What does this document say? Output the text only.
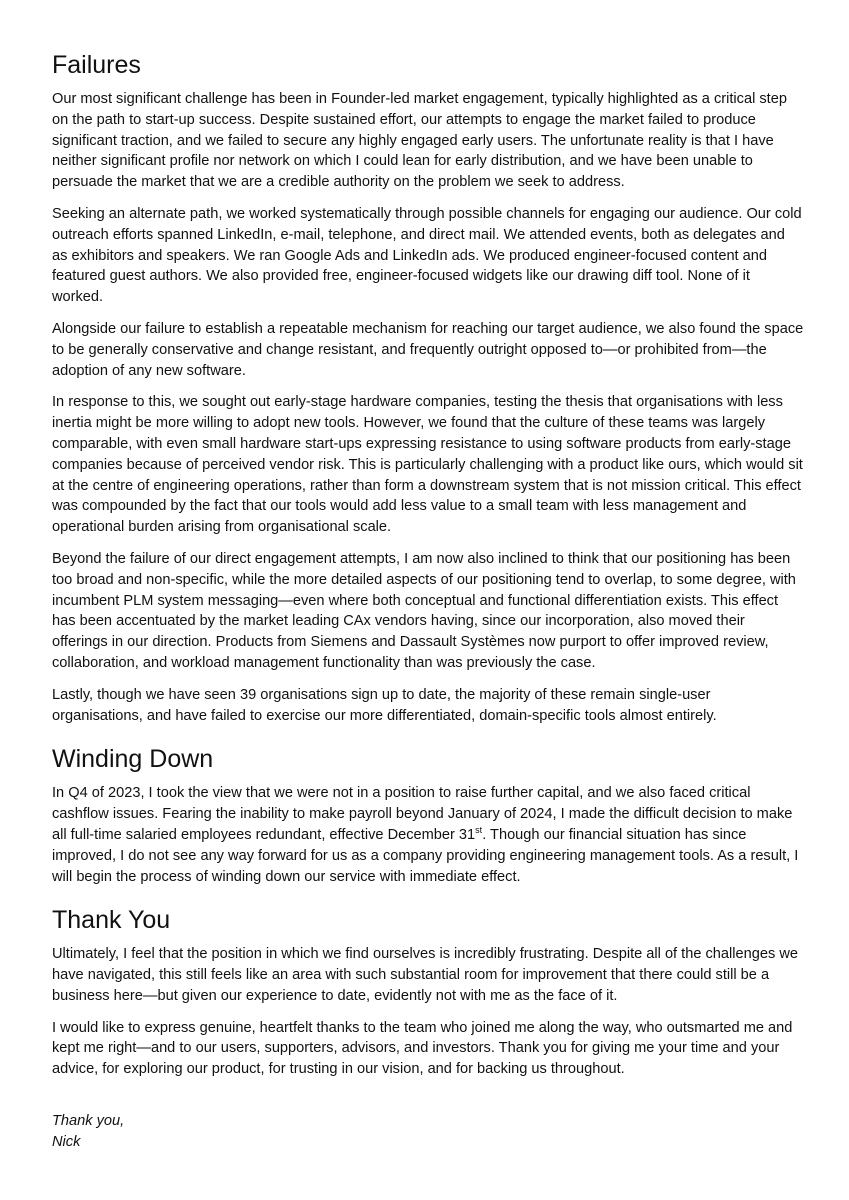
Failures

Our most significant challenge has been in Founder-led market engagement, typically highlighted as a critical step on the path to start-up success. Despite sustained effort, our attempts to engage the market failed to produce significant traction, and we failed to secure any highly engaged early users. The unfortunate reality is that I have neither significant profile nor network on which I could lean for early distribution, and we have been unable to persuade the market that we are a credible authority on the problem we seek to address.

Seeking an alternate path, we worked systematically through possible channels for engaging our audience. Our cold outreach efforts spanned LinkedIn, e-mail, telephone, and direct mail. We attended events, both as delegates and as exhibitors and speakers. We ran Google Ads and LinkedIn ads. We produced engineer-focused content and featured guest authors. We also provided free, engineer-focused widgets like our drawing diff tool. None of it worked.

Alongside our failure to establish a repeatable mechanism for reaching our target audience, we also found the space to be generally conservative and change resistant, and frequently outright opposed to—or prohibited from—the adoption of any new software.

In response to this, we sought out early-stage hardware companies, testing the thesis that organisations with less inertia might be more willing to adopt new tools. However, we found that the culture of these teams was largely comparable, with even small hardware start-ups expressing resistance to using software products from early-stage companies because of perceived vendor risk. This is particularly challenging with a product like ours, which would sit at the centre of engineering operations, rather than form a downstream system that is not mission critical. This effect was compounded by the fact that our tools would add less value to a small team with less management and operational burden arising from organisational scale.

Beyond the failure of our direct engagement attempts, I am now also inclined to think that our positioning has been too broad and non-specific, while the more detailed aspects of our positioning tend to overlap, to some degree, with incumbent PLM system messaging—even where both conceptual and functional differentiation exists. This effect has been accentuated by the market leading CAx vendors having, since our incorporation, also moved their offerings in our direction. Products from Siemens and Dassault Systèmes now purport to offer improved review, collaboration, and workload management functionality than was previously the case.

Lastly, though we have seen 39 organisations sign up to date, the majority of these remain single-user organisations, and have failed to exercise our more differentiated, domain-specific tools almost entirely.

Winding Down

In Q4 of 2023, I took the view that we were not in a position to raise further capital, and we also faced critical cashflow issues. Fearing the inability to make payroll beyond January of 2024, I made the difficult decision to make all full-time salaried employees redundant, effective December 31st. Though our financial situation has since improved, I do not see any way forward for us as a company providing engineering management tools. As a result, I will begin the process of winding down our service with immediate effect.

Thank You

Ultimately, I feel that the position in which we find ourselves is incredibly frustrating. Despite all of the challenges we have navigated, this still feels like an area with such substantial room for improvement that there could still be a business here—but given our experience to date, evidently not with me as the face of it.

I would like to express genuine, heartfelt thanks to the team who joined me along the way, who outsmarted me and kept me right—and to our users, supporters, advisors, and investors. Thank you for giving me your time and your advice, for exploring our product, for trusting in our vision, and for backing us throughout.

Thank you,
Nick
